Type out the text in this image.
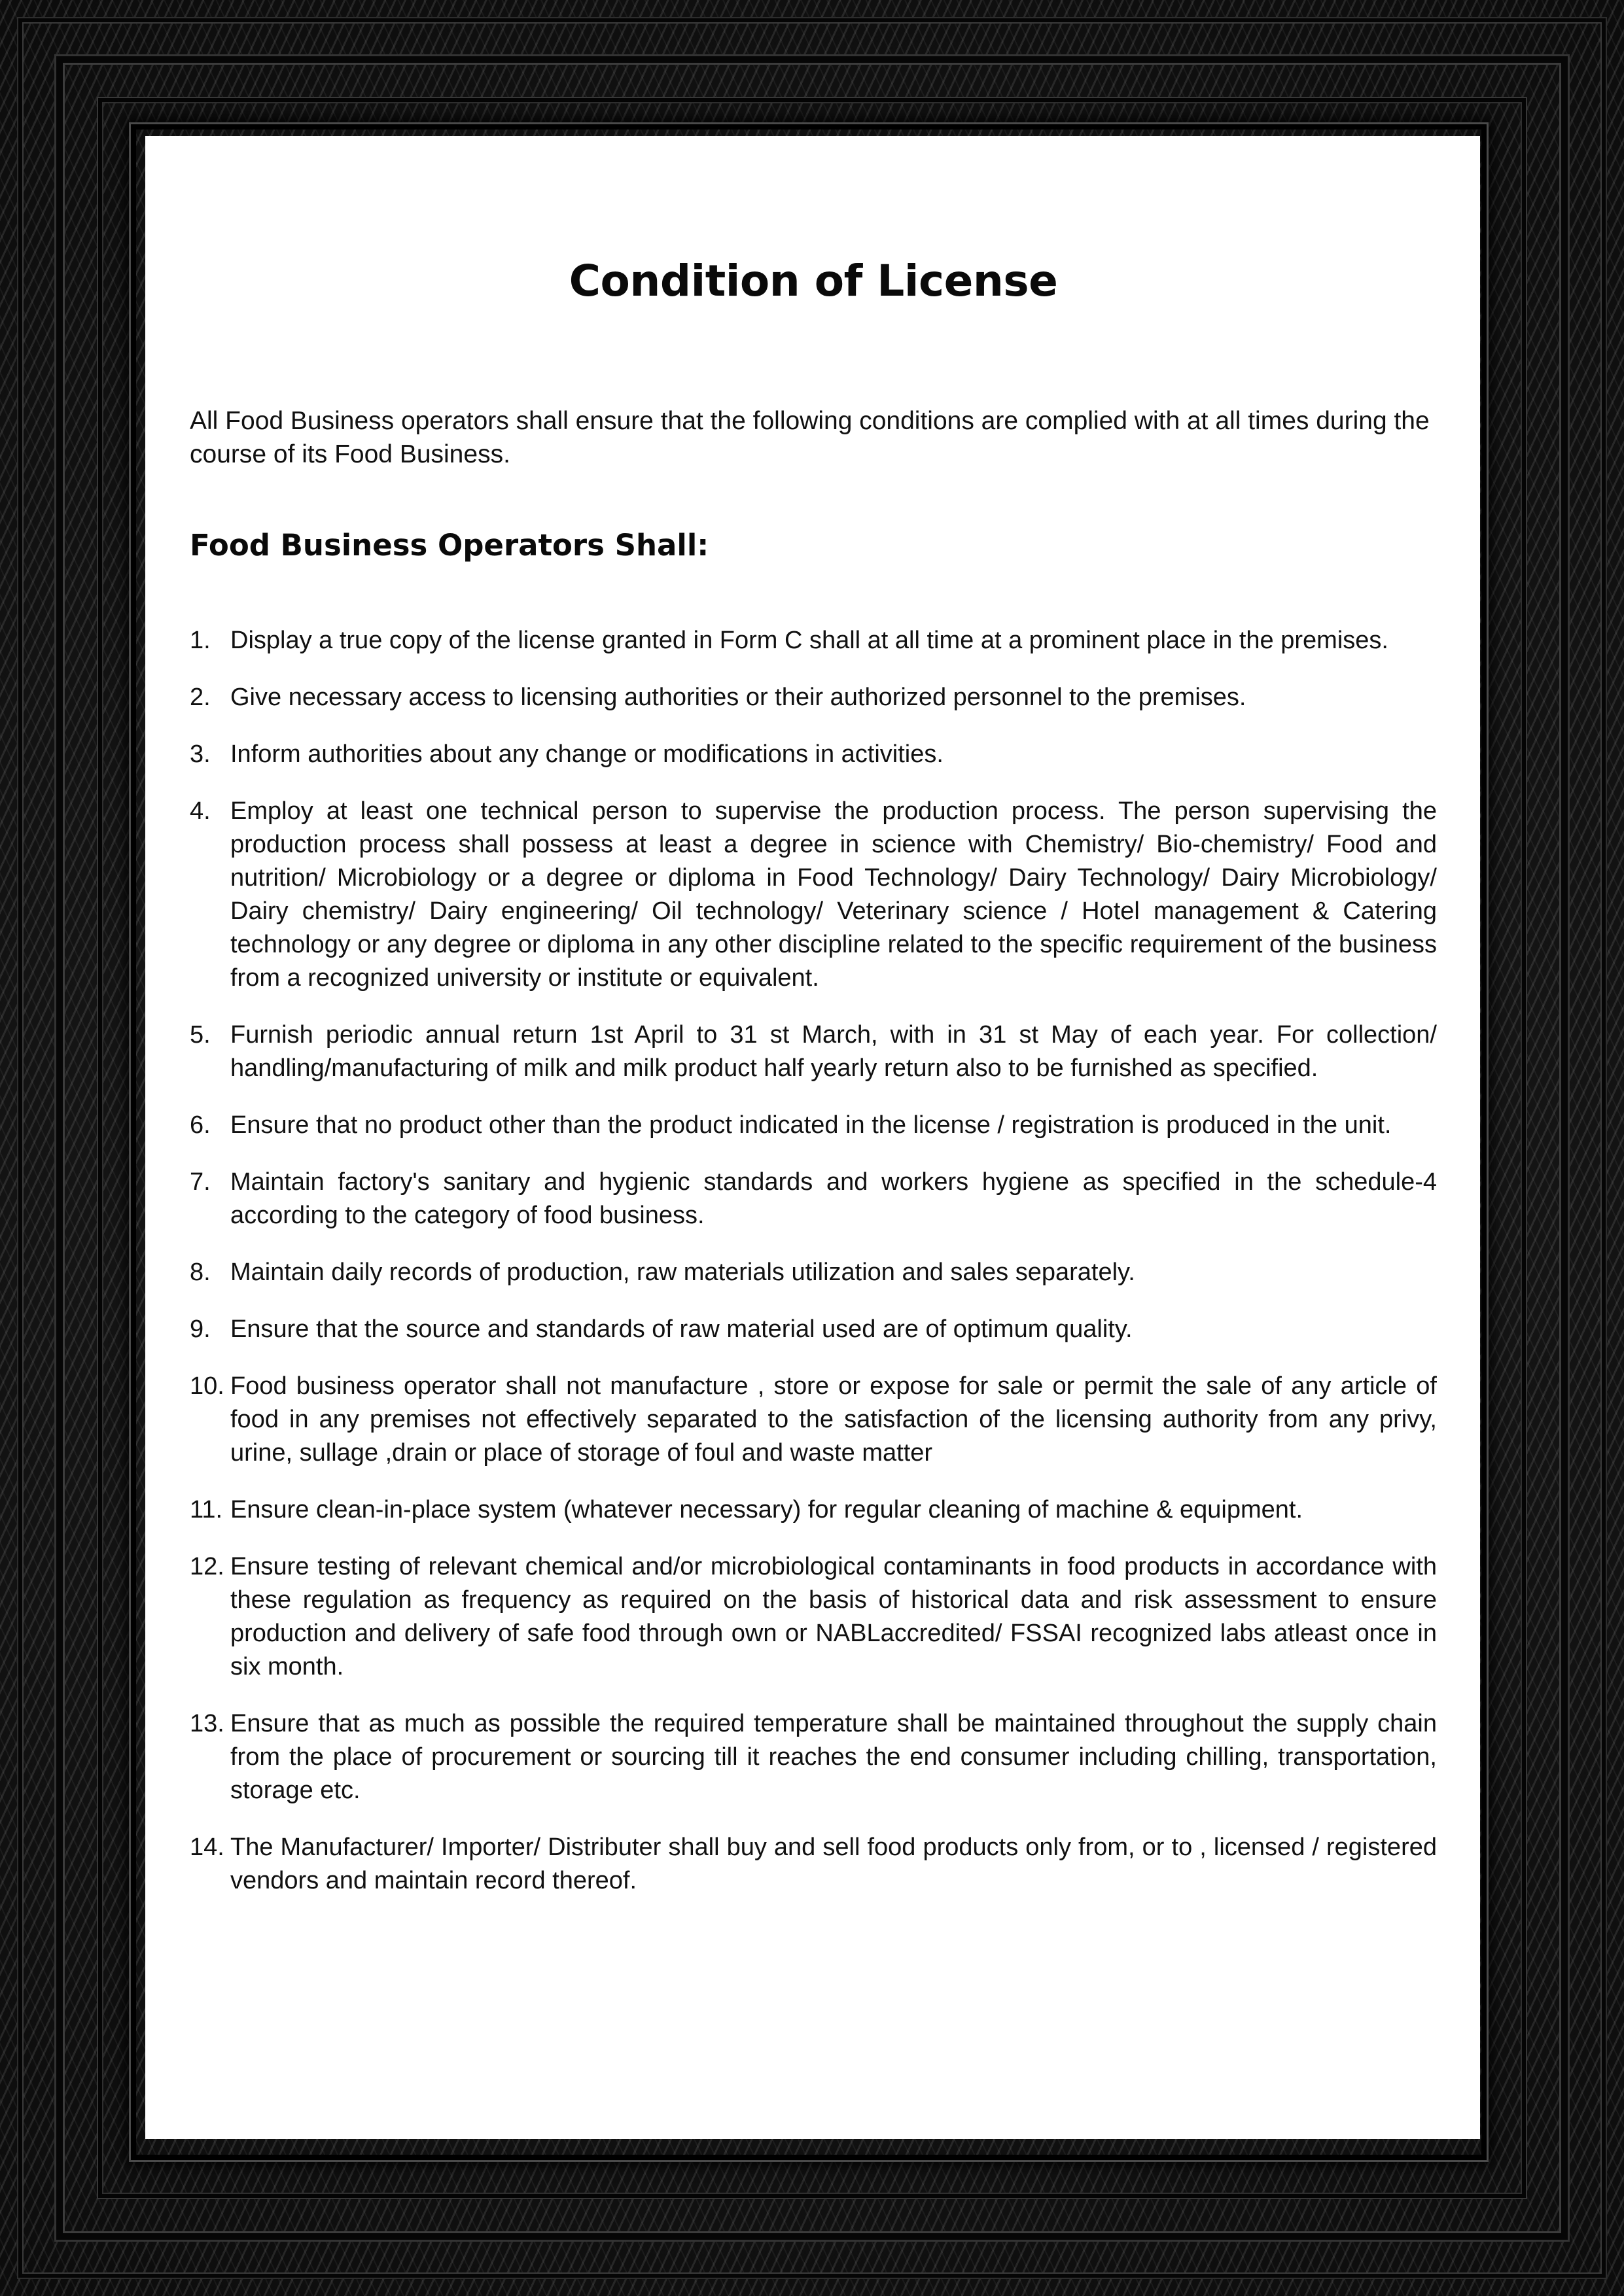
Condition of License

All Food Business operators shall ensure that the following conditions are complied with at all times during the course of its Food Business.

Food Business Operators Shall:
1. Display a true copy of the license granted in Form C shall at all time at a prominent place in the premises.
2. Give necessary access to licensing authorities or their authorized personnel to the premises.
3. Inform authorities about any change or modifications in activities.
4. Employ at least one technical person to supervise the production process. The person supervising the production process shall possess at least a degree in science with Chemistry/ Bio-chemistry/ Food and nutrition/ Microbiology or a degree or diploma in Food Technology/ Dairy Technology/ Dairy Microbiology/ Dairy chemistry/ Dairy engineering/ Oil technology/ Veterinary science / Hotel management & Catering technology or any degree or diploma in any other discipline related to the specific requirement of the business from a recognized university or institute or equivalent.
5. Furnish periodic annual return 1st April to 31 st March, with in 31 st May of each year. For collection/ handling/manufacturing of milk and milk product half yearly return also to be furnished as specified.
6. Ensure that no product other than the product indicated in the license / registration is produced in the unit.
7. Maintain factory's sanitary and hygienic standards and workers hygiene as specified in the schedule-4 according to the category of food business.
8. Maintain daily records of production, raw materials utilization and sales separately.
9. Ensure that the source and standards of raw material used are of optimum quality.
10. Food business operator shall not manufacture , store or expose for sale or permit the sale of any article of food in any premises not effectively separated to the satisfaction of the licensing authority from any privy, urine, sullage ,drain or place of storage of foul and waste matter
11. Ensure clean-in-place system (whatever necessary) for regular cleaning of machine & equipment.
12. Ensure testing of relevant chemical and/or microbiological contaminants in food products in accordance with these regulation as frequency as required on the basis of historical data and risk assessment to ensure production and delivery of safe food through own or NABLaccredited/ FSSAI recognized labs atleast once in six month.
13. Ensure that as much as possible the required temperature shall be maintained throughout the supply chain from the place of procurement or sourcing till it reaches the end consumer including chilling, transportation, storage etc.
14. The Manufacturer/ Importer/ Distributer shall buy and sell food products only from, or to , licensed / registered vendors and maintain record thereof.
